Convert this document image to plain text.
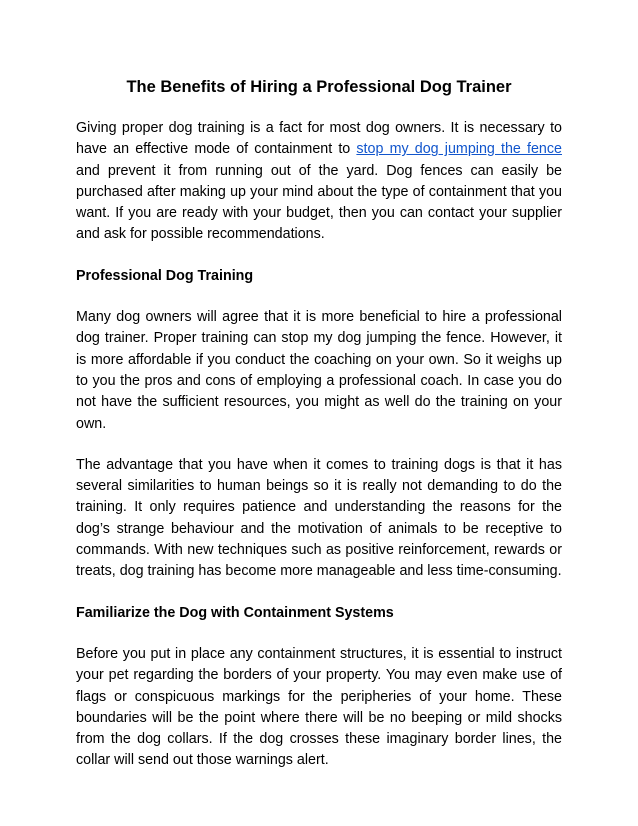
The Benefits of Hiring a Professional Dog Trainer

Giving proper dog training is a fact for most dog owners. It is necessary to have an effective mode of containment to stop my dog jumping the fence and prevent it from running out of the yard. Dog fences can easily be purchased after making up your mind about the type of containment that you want. If you are ready with your budget, then you can contact your supplier and ask for possible recommendations.

Professional Dog Training

Many dog owners will agree that it is more beneficial to hire a professional dog trainer. Proper training can stop my dog jumping the fence. However, it is more affordable if you conduct the coaching on your own. So it weighs up to you the pros and cons of employing a professional coach. In case you do not have the sufficient resources, you might as well do the training on your own.

The advantage that you have when it comes to training dogs is that it has several similarities to human beings so it is really not demanding to do the training. It only requires patience and understanding the reasons for the dog’s strange behaviour and the motivation of animals to be receptive to commands. With new techniques such as positive reinforcement, rewards or treats, dog training has become more manageable and less time-consuming.

Familiarize the Dog with Containment Systems

Before you put in place any containment structures, it is essential to instruct your pet regarding the borders of your property. You may even make use of flags or conspicuous markings for the peripheries of your home. These boundaries will be the point where there will be no beeping or mild shocks from the dog collars. If the dog crosses these imaginary border lines, the collar will send out those warnings alert.
